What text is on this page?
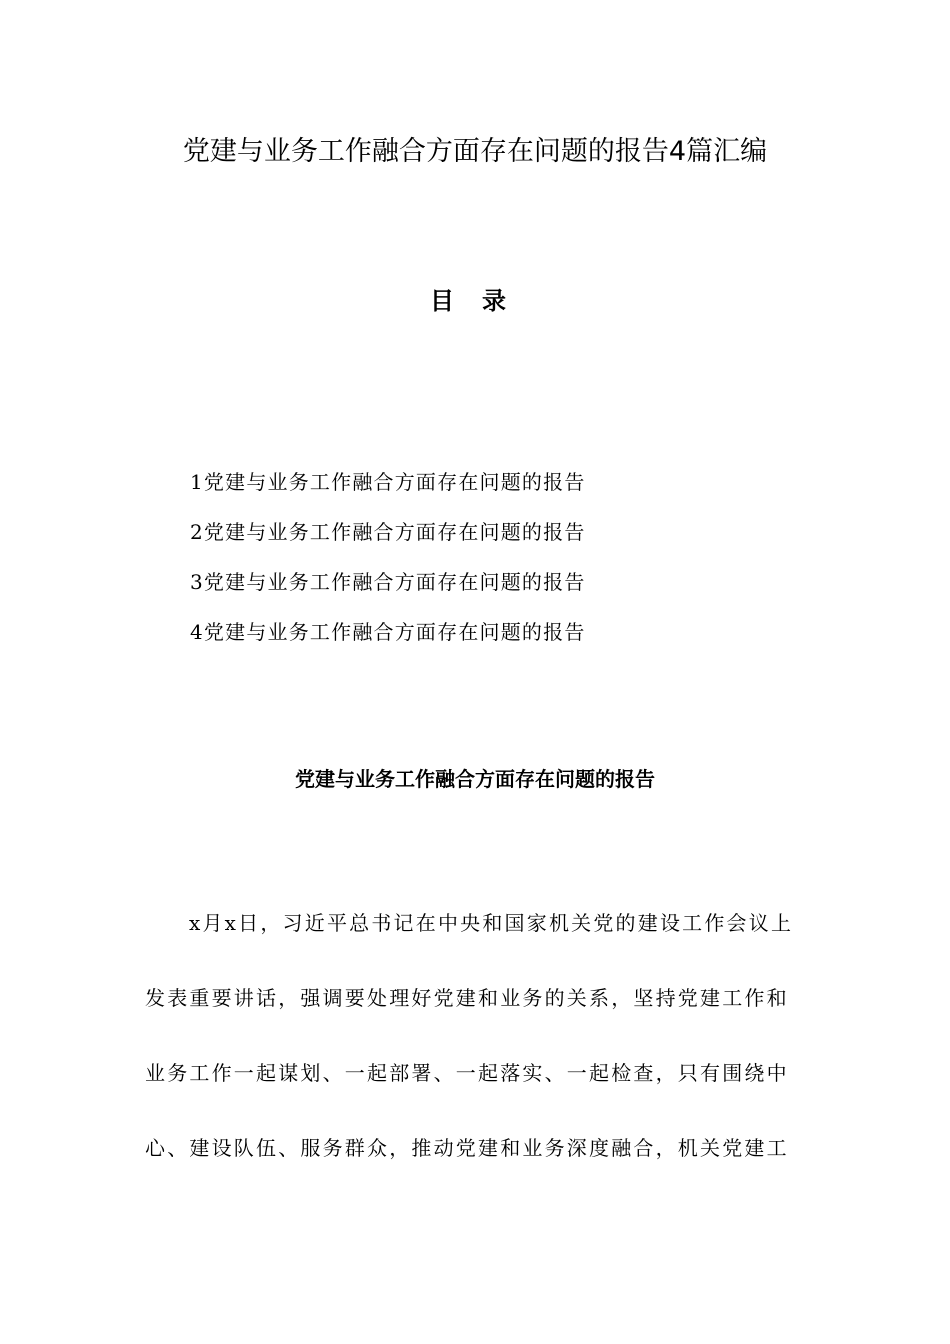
党建与业务工作融合方面存在问题的报告4篇汇编
目录
1党建与业务工作融合方面存在问题的报告
2党建与业务工作融合方面存在问题的报告
3党建与业务工作融合方面存在问题的报告
4党建与业务工作融合方面存在问题的报告
党建与业务工作融合方面存在问题的报告
x月x日，习近平总书记在中央和国家机关党的建设工作会议上
发表重要讲话，强调要处理好党建和业务的关系，坚持党建工作和
业务工作一起谋划、一起部署、一起落实、一起检查，只有围绕中
心、建设队伍、服务群众，推动党建和业务深度融合，机关党建工
